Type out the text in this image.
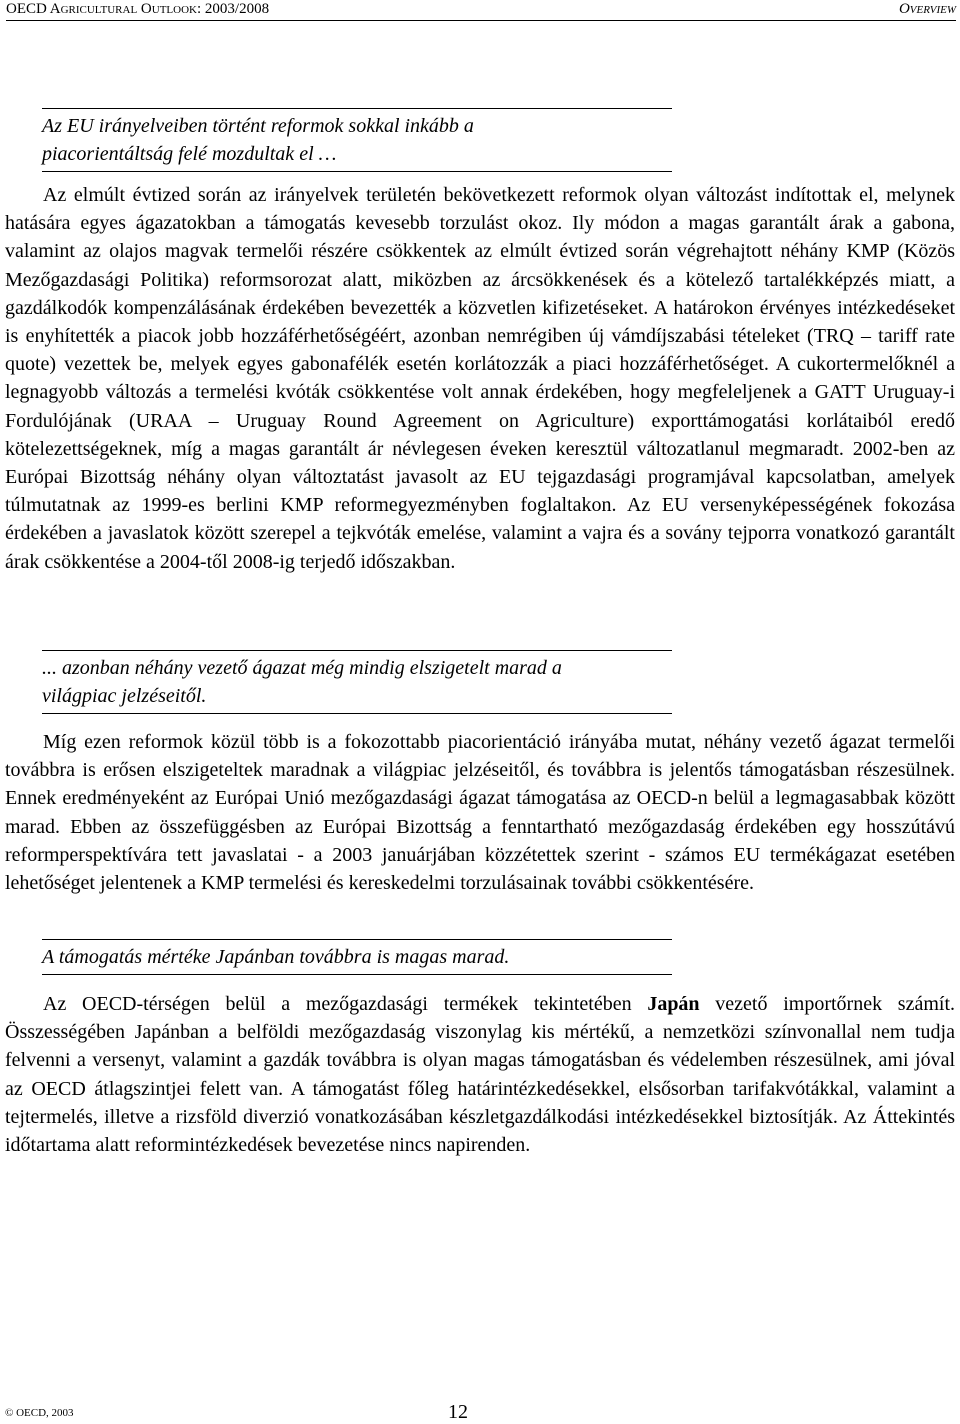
OECD Agricultural Outlook: 2003/2008	Overview
Az EU irányelveiben történt reformok sokkal inkább a
piacorientáltság felé mozdultak el …

Az elmúlt évtized során az irányelvek területén bekövetkezett reformok olyan változást indítottak el, melynek hatására egyes ágazatokban a támogatás kevesebb torzulást okoz. Ily módon a magas garantált árak a gabona, valamint az olajos magvak termelői részére csökkentek az elmúlt évtized során végrehajtott néhány KMP (Közös Mezőgazdasági Politika) reformsorozat alatt, miközben az árcsökkenések és a kötelező tartalékképzés miatt, a gazdálkodók kompenzálásának érdekében bevezették a közvetlen kifizetéseket. A határokon érvényes intézkedéseket is enyhítették a piacok jobb hozzáférhetőségéért, azonban nemrégiben új vámdíjszabási tételeket (TRQ – tariff rate quote) vezettek be, melyek egyes gabonafélék esetén korlátozzák a piaci hozzáférhetőséget. A cukortermelőknél a legnagyobb változás a termelési kvóták csökkentése volt annak érdekében, hogy megfeleljenek a GATT Uruguay-i Fordulójának (URAA – Uruguay Round Agreement on Agriculture) exporttámogatási korlátaiból eredő kötelezettségeknek, míg a magas garantált ár névlegesen éveken keresztül változatlanul megmaradt. 2002-ben az Európai Bizottság néhány olyan változtatást javasolt az EU tejgazdasági programjával kapcsolatban, amelyek túlmutatnak az 1999-es berlini KMP reformegyezményben foglaltakon. Az EU versenyképességének fokozása érdekében a javaslatok között szerepel a tejkvóták emelése, valamint a vajra és a sovány tejporra vonatkozó garantált árak csökkentése a 2004-től 2008-ig terjedő időszakban.

... azonban néhány vezető ágazat még mindig elszigetelt marad a
világpiac jelzéseitől.

Míg ezen reformok közül több is a fokozottabb piacorientáció irányába mutat, néhány vezető ágazat termelői továbbra is erősen elszigeteltek maradnak a világpiac jelzéseitől, és továbbra is jelentős támogatásban részesülnek. Ennek eredményeként az Európai Unió mezőgazdasági ágazat támogatása az OECD-n belül a legmagasabbak között marad. Ebben az összefüggésben az Európai Bizottság a fenntartható mezőgazdaság érdekében egy hosszútávú reformperspektívára tett javaslatai - a 2003 januárjában közzétettek szerint - számos EU termékágazat esetében lehetőséget jelentenek a KMP termelési és kereskedelmi torzulásainak további csökkentésére.

A támogatás mértéke Japánban továbbra is magas marad.

Az OECD-térségen belül a mezőgazdasági termékek tekintetében Japán vezető importőrnek számít. Összességében Japánban a belföldi mezőgazdaság viszonylag kis mértékű, a nemzetközi színvonallal nem tudja felvenni a versenyt, valamint a gazdák továbbra is olyan magas támogatásban és védelemben részesülnek, ami jóval az OECD átlagszintjei felett van. A támogatást főleg határintézkedésekkel, elsősorban tarifakvótákkal, valamint a tejtermelés, illetve a rizsföld diverzió vonatkozásában készletgazdálkodási intézkedésekkel biztosítják. Az Áttekintés időtartama alatt reformintézkedések bevezetése nincs napirenden.

© OECD, 2003	12
